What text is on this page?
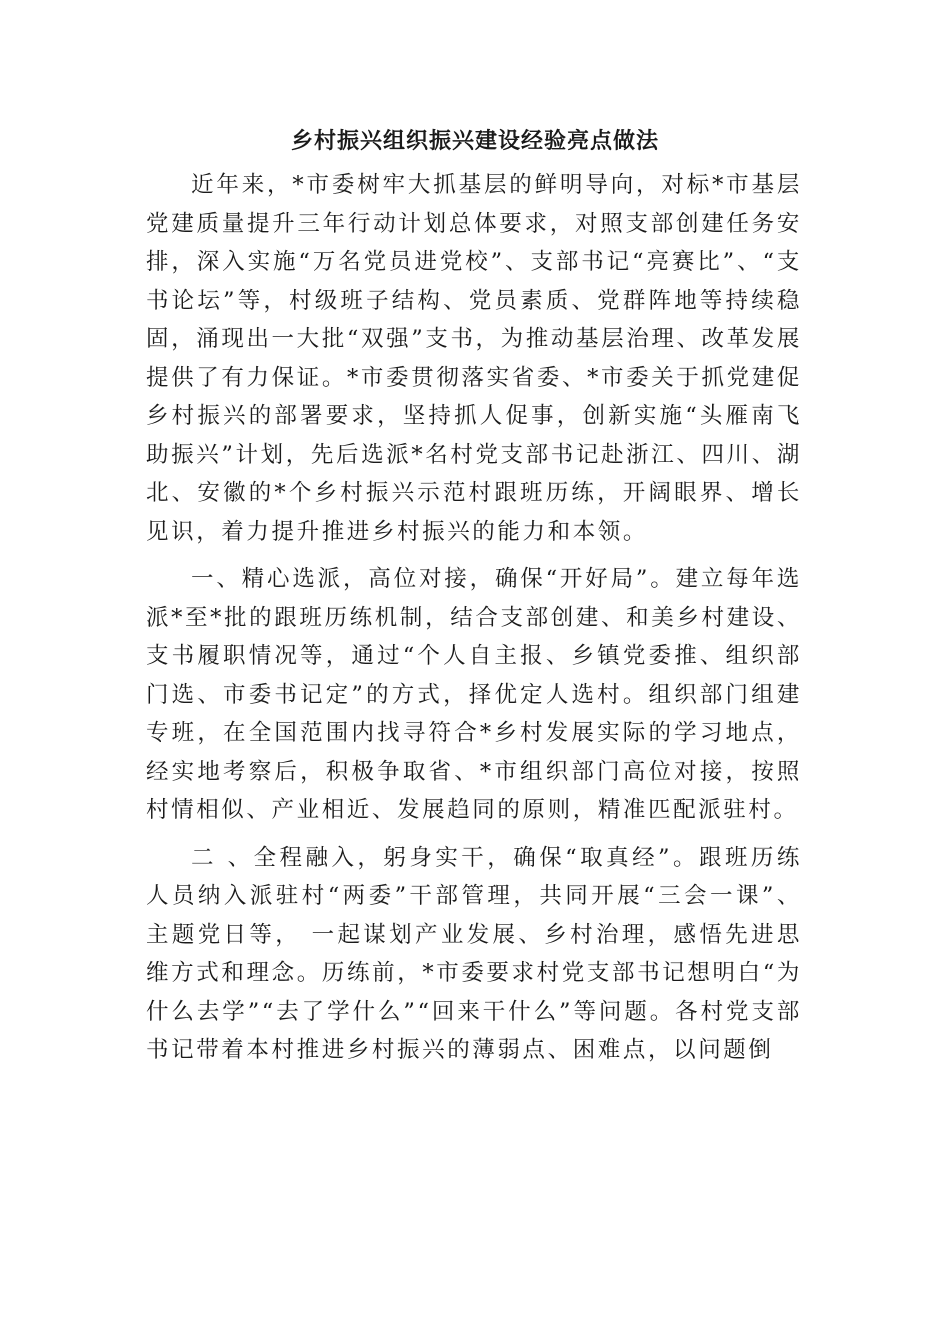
乡村振兴组织振兴建设经验亮点做法

近年来，*市委树牢大抓基层的鲜明导向，对标*市基层党建质量提升三年行动计划总体要求，对照支部创建任务安排，深入实施“万名党员进党校”、支部书记“亮赛比”、“支书论坛”等，村级班子结构、党员素质、党群阵地等持续稳固，涌现出一大批“双强”支书，为推动基层治理、改革发展提供了有力保证。*市委贯彻落实省委、*市委关于抓党建促乡村振兴的部署要求，坚持抓人促事，创新实施“头雁南飞助振兴”计划，先后选派*名村党支部书记赴浙江、四川、湖北、安徽的*个乡村振兴示范村跟班历练，开阔眼界、增长见识，着力提升推进乡村振兴的能力和本领。

一、精心选派，高位对接，确保“开好局”。建立每年选派*至*批的跟班历练机制，结合支部创建、和美乡村建设、支书履职情况等，通过“个人自主报、乡镇党委推、组织部门选、市委书记定”的方式，择优定人选村。组织部门组建专班，在全国范围内找寻符合*乡村发展实际的学习地点，经实地考察后，积极争取省、*市组织部门高位对接，按照村情相似、产业相近、发展趋同的原则，精准匹配派驻村。

二 、全程融入，躬身实干，确保“取真经”。跟班历练人员纳入派驻村“两委”干部管理，共同开展“三会一课”、主题党日等， 一起谋划产业发展、乡村治理，感悟先进思维方式和理念。历练前，*市委要求村党支部书记想明白“为什么去学”“去了学什么”“回来干什么”等问题。各村党支部书记带着本村推进乡村振兴的薄弱点、困难点，以问题倒
